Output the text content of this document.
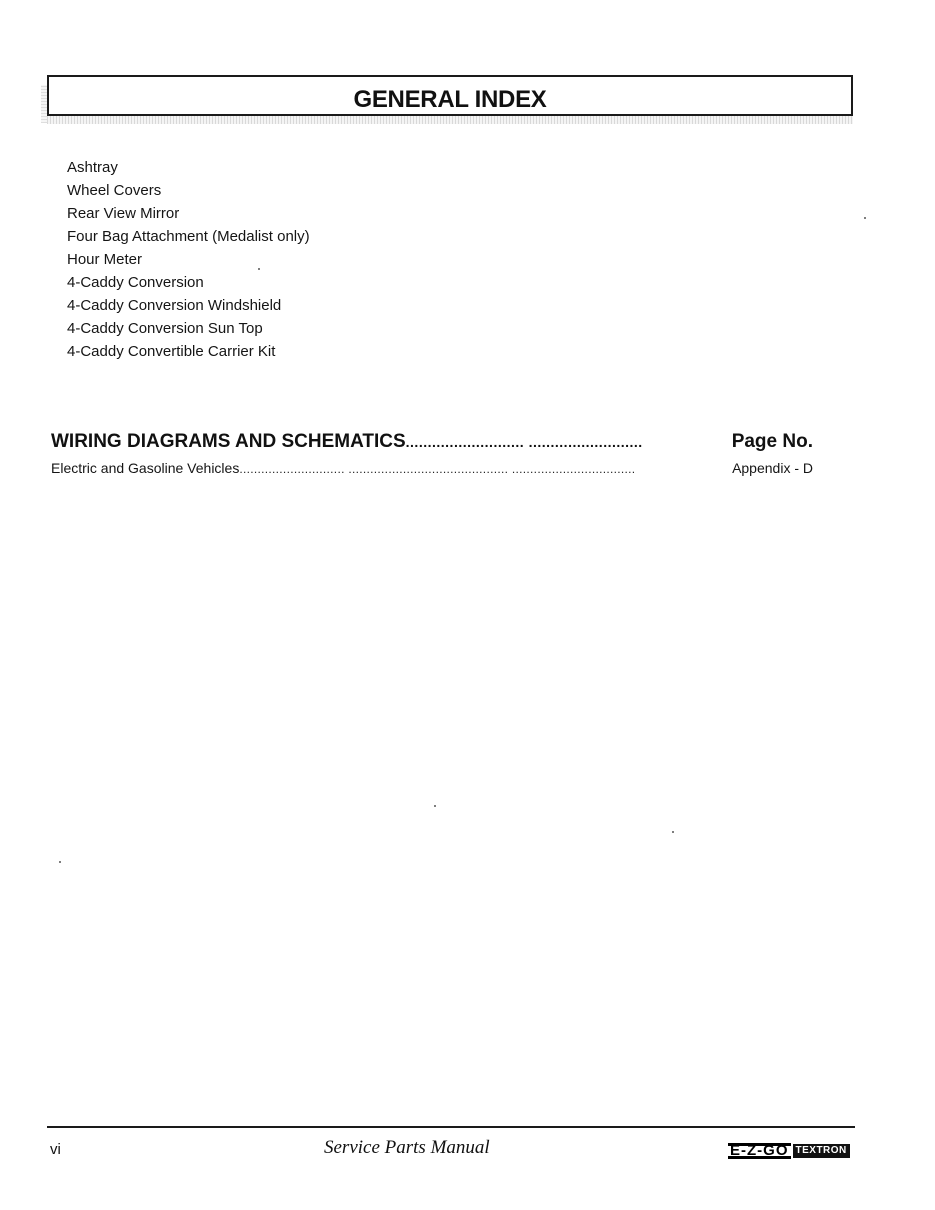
GENERAL INDEX
Ashtray
Wheel Covers
Rear View Mirror
Four Bag Attachment (Medalist only)
Hour Meter
4-Caddy Conversion
4-Caddy Conversion Windshield
4-Caddy Conversion Sun Top
4-Caddy Convertible Carrier Kit
WIRING DIAGRAMS AND SCHEMATICS ........................... ..........................	Page No.
Electric and Gasoline Vehicles ............................. ............................................ ..................................	Appendix - D
vi	Service Parts Manual	E-Z-GO TEXTRON
